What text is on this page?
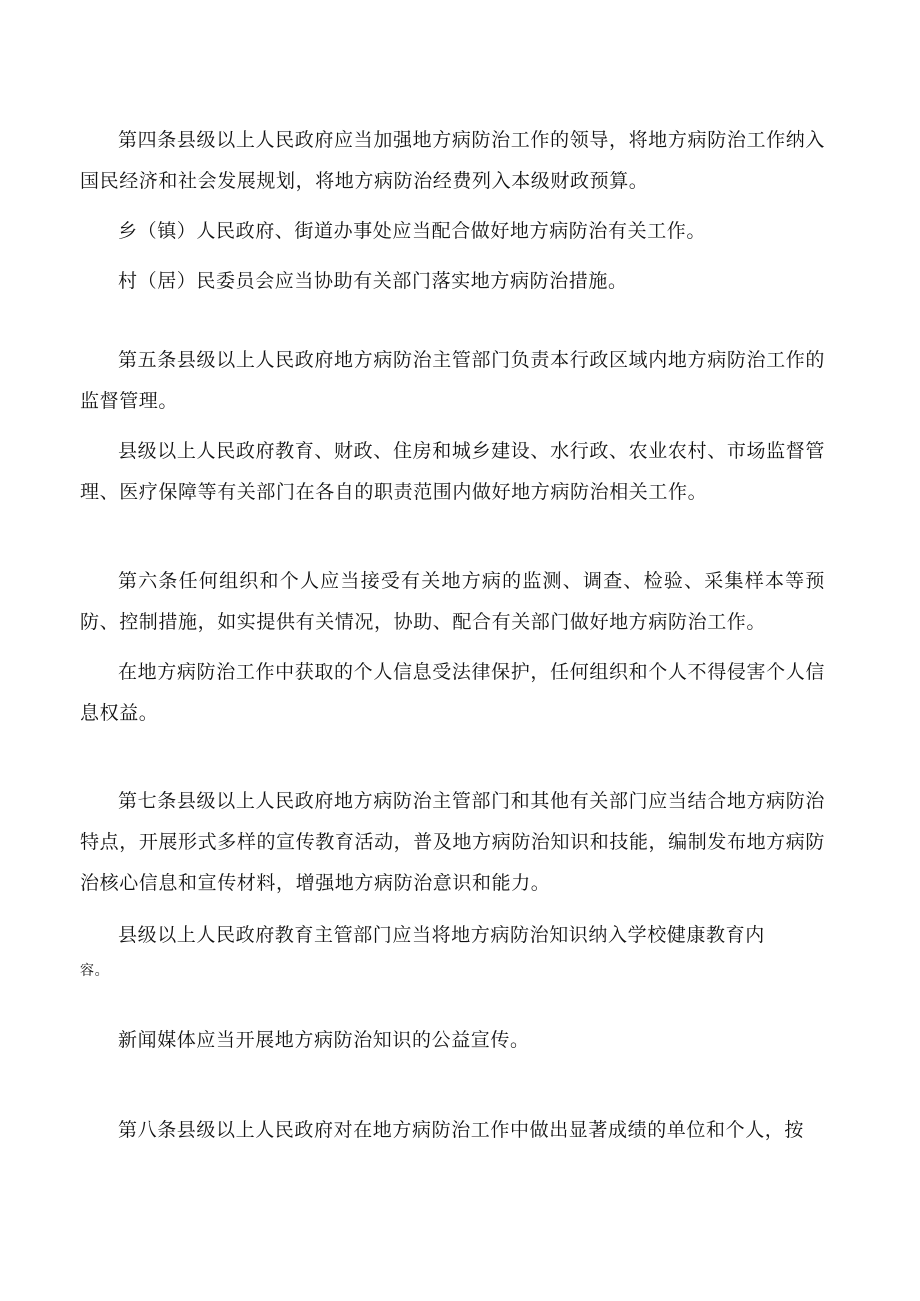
第四条县级以上人民政府应当加强地方病防治工作的领导，将地方病防治工作纳入国民经济和社会发展规划，将地方病防治经费列入本级财政预算。

乡（镇）人民政府、街道办事处应当配合做好地方病防治有关工作。

村（居）民委员会应当协助有关部门落实地方病防治措施。

第五条县级以上人民政府地方病防治主管部门负责本行政区域内地方病防治工作的监督管理。

县级以上人民政府教育、财政、住房和城乡建设、水行政、农业农村、市场监督管理、医疗保障等有关部门在各自的职责范围内做好地方病防治相关工作。

第六条任何组织和个人应当接受有关地方病的监测、调查、检验、采集样本等预防、控制措施，如实提供有关情况，协助、配合有关部门做好地方病防治工作。

在地方病防治工作中获取的个人信息受法律保护，任何组织和个人不得侵害个人信息权益。

第七条县级以上人民政府地方病防治主管部门和其他有关部门应当结合地方病防治特点，开展形式多样的宣传教育活动，普及地方病防治知识和技能，编制发布地方病防治核心信息和宣传材料，增强地方病防治意识和能力。

县级以上人民政府教育主管部门应当将地方病防治知识纳入学校健康教育内

容。

新闻媒体应当开展地方病防治知识的公益宣传。

第八条县级以上人民政府对在地方病防治工作中做出显著成绩的单位和个人，按
